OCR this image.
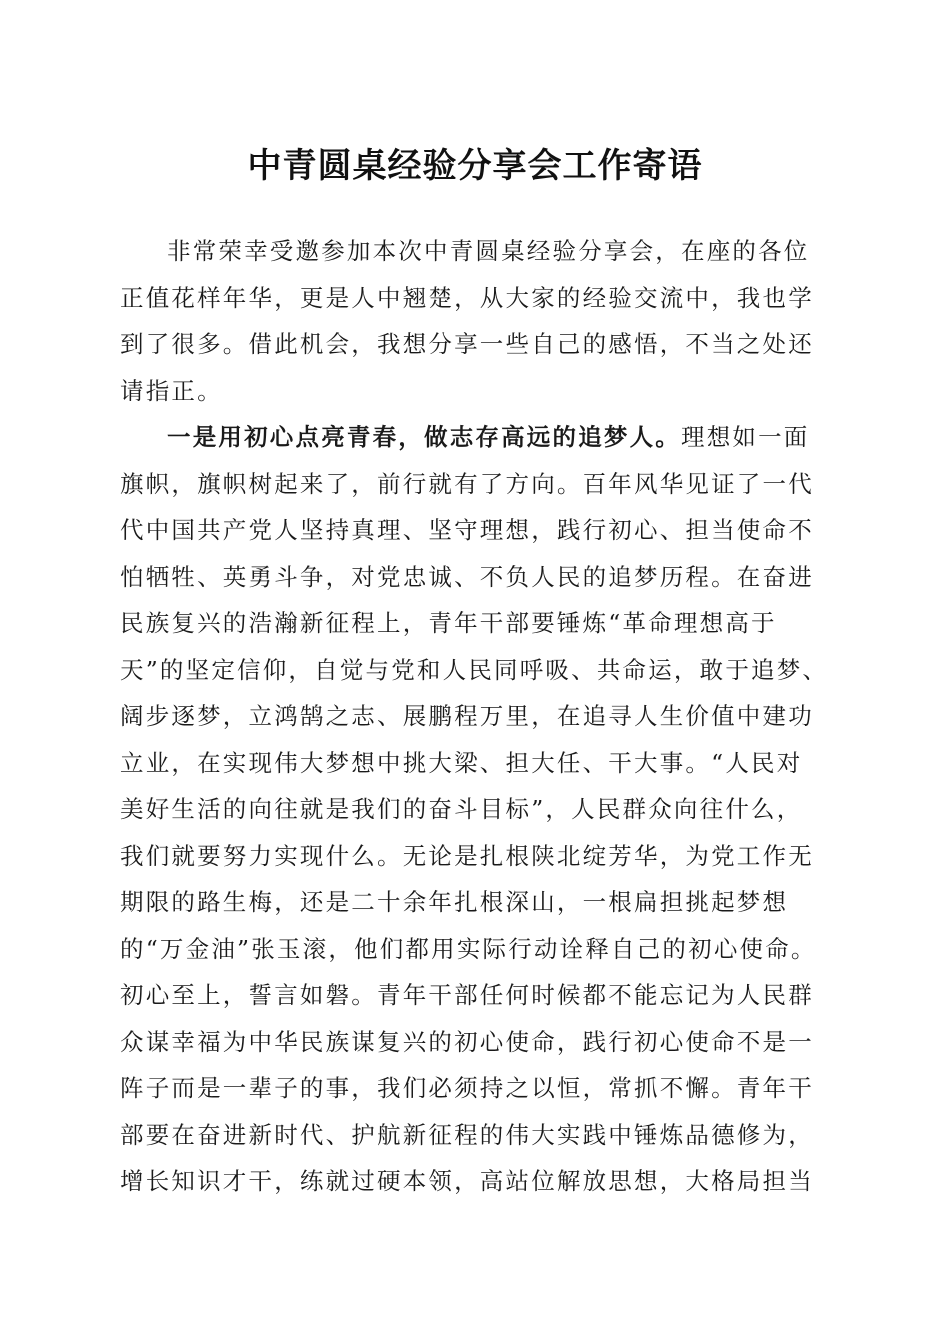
中青圆桌经验分享会工作寄语
非常荣幸受邀参加本次中青圆桌经验分享会，在座的各位
正值花样年华，更是人中翘楚，从大家的经验交流中，我也学
到了很多。借此机会，我想分享一些自己的感悟，不当之处还
请指正。
一是用初心点亮青春，做志存高远的追梦人。理想如一面
旗帜，旗帜树起来了，前行就有了方向。百年风华见证了一代
代中国共产党人坚持真理、坚守理想，践行初心、担当使命不
怕牺牲、英勇斗争，对党忠诚、不负人民的追梦历程。在奋进
民族复兴的浩瀚新征程上，青年干部要锤炼“革命理想高于
天”的坚定信仰，自觉与党和人民同呼吸、共命运，敢于追梦、
阔步逐梦，立鸿鹄之志、展鹏程万里，在追寻人生价值中建功
立业，在实现伟大梦想中挑大梁、担大任、干大事。“人民对
美好生活的向往就是我们的奋斗目标”，人民群众向往什么，
我们就要努力实现什么。无论是扎根陕北绽芳华，为党工作无
期限的路生梅，还是二十余年扎根深山，一根扁担挑起梦想
的“万金油”张玉滚，他们都用实际行动诠释自己的初心使命。
初心至上，誓言如磐。青年干部任何时候都不能忘记为人民群
众谋幸福为中华民族谋复兴的初心使命，践行初心使命不是一
阵子而是一辈子的事，我们必须持之以恒，常抓不懈。青年干
部要在奋进新时代、护航新征程的伟大实践中锤炼品德修为，
增长知识才干，练就过硬本领，高站位解放思想，大格局担当
